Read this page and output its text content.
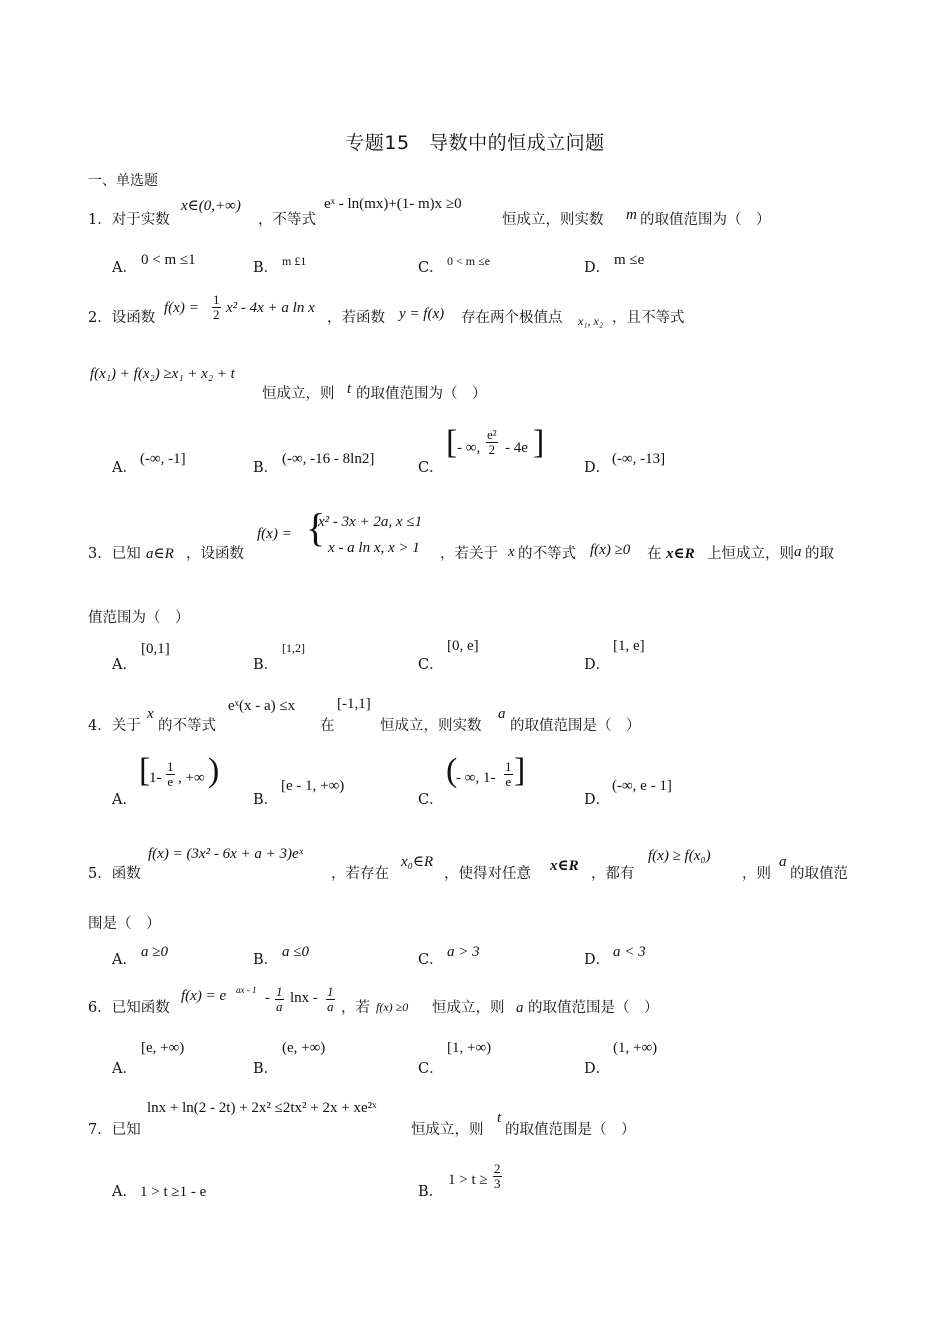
专题15　导数中的恒成立问题
一、单选题
1．对于实数
x∈(0,+∞)
，不等式
eˣ - ln(mx)+(1- m)x ≥0
恒成立，则实数 m 的取值范围为（　）
A． 0 < m ≤1	B． m £1	C． 0 < m ≤e	D． m ≤e
2．设函数
$f(x) = \frac{1}{2} x^2 - 4x + a$ ln x
，若函数 y = f(x) 存在两个极值点 x₁, x₂ ，且不等式
f(x₁) + f(x₂) ≥x₁ + x₂ + t
恒成立，则 t 的取值范围为（　）
A．
(-∞, -1]
B．
(-∞, -16 - 8ln2]
C．
[ - ∞, $\frac{\text{e²}}{2} - 4e$ ]
D．
(-∞, -13]
3．已知 a∈R ，设函数
f(x) = {
x² - 3x + 2a, x ≤1
x - a ln x, x > 1 ，若关于 x 的不等式 f(x) ≥0 在 x∈R 上恒成立，则 a 的取
值范围为（　）
A．
[0,1]
B．
[1,2]
C．
[0, e]
D．
[1, e]
4．关于
x
的不等式
eˣ(x - a) ≤x
在
[-1,1]
恒成立，则实数
a
的取值范围是（　）
A．
[
$1- \frac{1}{e}$ , +∞ )
B．
[e - 1, +∞)
C．
(
- ∞, $1- \frac{1}{e}$ ]
D．
(-∞, e - 1]
5．函数
f(x) = (3x² - 6x + a + 3)eˣ
，若存在
x₀∈R
，使得对任意 x∈R ，都有
f(x) ≥ f(x₀)
，则
a
的取值范
围是（　）
A． a ≥0	B． a ≤0	C． a > 3	D． a < 3
6．已知函数
f(x) = e ax - $1 - \frac{1}{a}$ lnx - $\frac{1}{a}$ ，若 f(x) ≥0 恒成立，则 a 的取值范围是（　）
A．
[e, +∞)
B．
(e, +∞)
C．
[1, +∞)
D．
(1, +∞)
7．已知
lnx + ln(2 - 2t) + 2x² ≤2tx² + 2x + xe²ˣ
恒成立，则
t
的取值范围是（　）
A． 1 > t ≥1 - e	B．
$1 > t \ge \frac{2}{3}$
